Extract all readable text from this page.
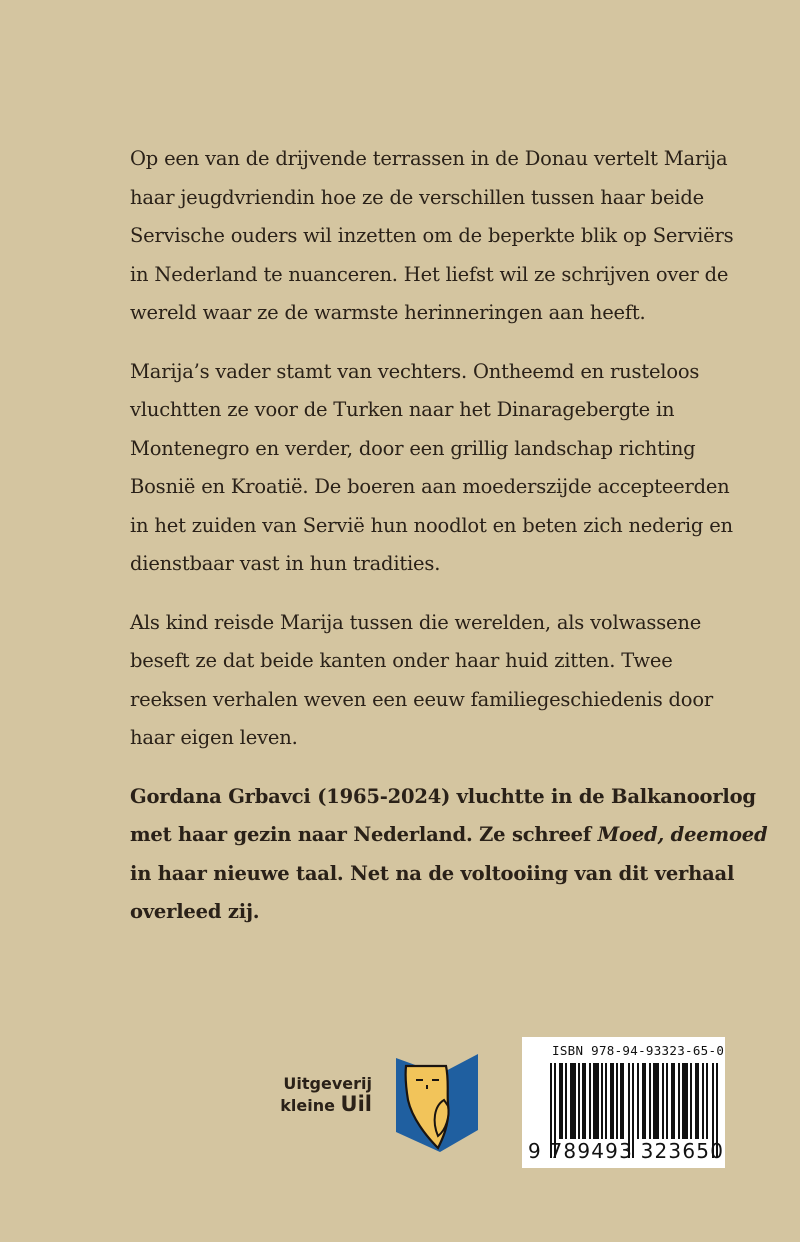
Op een van de drijvende terrassen in de Donau vertelt Marija
haar jeugdvriendin hoe ze de verschillen tussen haar beide
Servische ouders wil inzetten om de beperkte blik op Serviërs
in Nederland te nuanceren. Het liefst wil ze schrijven over de
wereld waar ze de warmste herinneringen aan heeft.
Marija’s vader stamt van vechters. Ontheemd en rusteloos
vluchtten ze voor de Turken naar het Dinaragebergte in
Montenegro en verder, door een grillig landschap richting
Bosnië en Kroatië. De boeren aan moederszijde accepteerden
in het zuiden van Servië hun noodlot en beten zich nederig en
dienstbaar vast in hun tradities.
Als kind reisde Marija tussen die werelden, als volwassene
beseft ze dat beide kanten onder haar huid zitten. Twee
reeksen verhalen weven een eeuw familiegeschiedenis door
haar eigen leven.
Gordana Grbavci (1965-2024) vluchtte in de Balkanoorlog
met haar gezin naar Nederland. Ze schreef Moed, deemoed
in haar nieuwe taal. Net na de voltooiing van dit verhaal
overleed zij.
Uitgeverij
kleine Uil
ISBN 978-94-93323-65-0
9 789493 323650
